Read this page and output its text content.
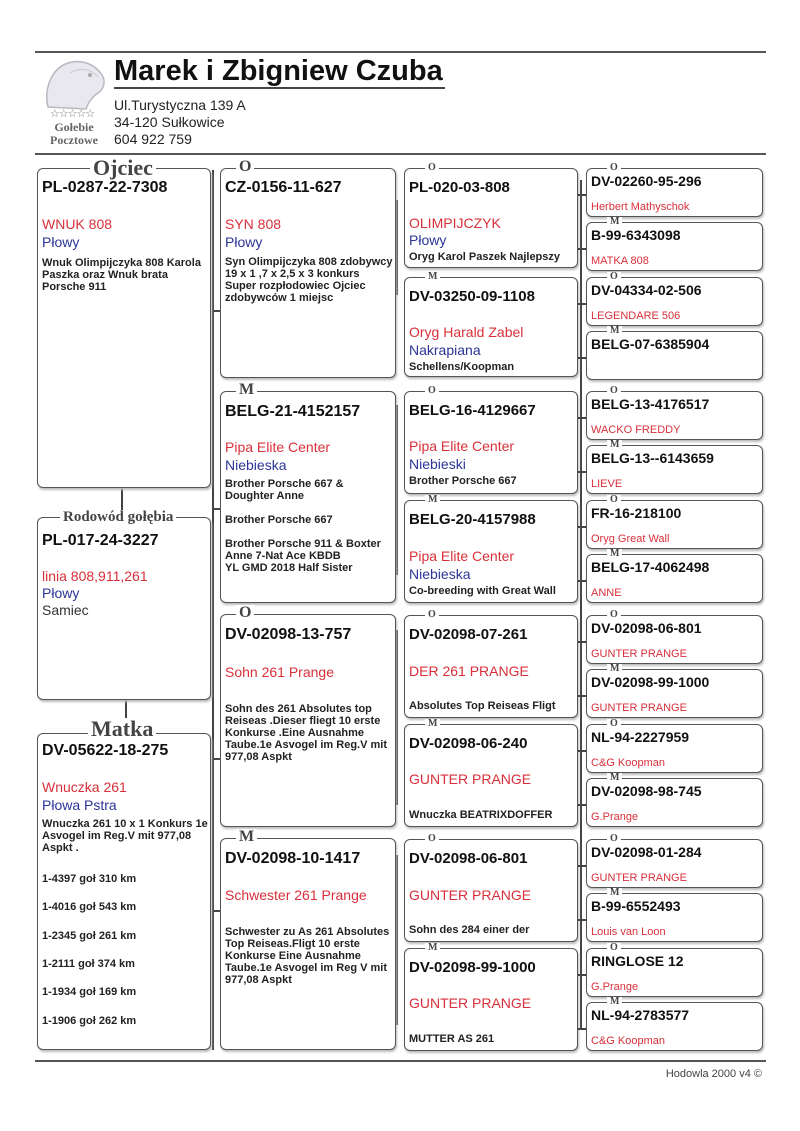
☆☆☆☆☆
Gołebie
Pocztowe
Marek i Zbigniew Czuba
Ul.Turystyczna 139 A
34-120 Sułkowice
604 922 759
PL-0287-22-7308
WNUK 808
Płowy
Wnuk Olimpijczyka 808 Karola Paszka oraz Wnuk brata Porsche 911
Ojciec
PL-017-24-3227
linia 808,911,261
Płowy
Samiec
Rodowód gołębia
DV-05622-18-275
Wnuczka 261
Płowa Pstra
Wnuczka 261 10 x 1 Konkurs 1e Asvogel im Reg.V mit 977,08 Aspkt .
1-4397 goł 310 km
1-4016 goł 543 km
1-2345 goł 261 km
1-2111 goł 374 km
1-1934 goł 169 km
1-1906 goł 262 km
Matka
CZ-0156-11-627
SYN 808
Płowy
Syn Olimpijczyka 808 zdobywcy 19 x 1 ,7 x 2,5 x 3 konkurs Super rozpłodowiec Ojciec zdobywców 1 miejsc
O
BELG-21-4152157
Pipa Elite Center
Niebieska
Brother Porsche 667 & Doughter Anne

Brother Porsche 667

Brother Porsche 911 & Boxter Anne 7-Nat Ace KBDB
YL GMD 2018 Half Sister
M
DV-02098-13-757
Sohn 261 Prange
Sohn des 261 Absolutes top Reiseas .Dieser fliegt 10 erste Konkurse .Eine Ausnahme Taube.1e Asvogel im Reg.V mit 977,08 Aspkt
O
DV-02098-10-1417
Schwester 261 Prange
Schwester zu As 261 Absolutes Top Reiseas.Fligt 10 erste Konkurse Eine Ausnahme Taube.1e Asvogel im Reg V mit 977,08 Aspkt
M
PL-020-03-808
OLIMPIJCZYK
Płowy
Oryg Karol Paszek Najlepszy
O
DV-03250-09-1108
Oryg Harald Zabel
Nakrapiana
Schellens/Koopman
M
BELG-16-4129667
Pipa Elite Center
Niebieski
Brother Porsche 667
O
BELG-20-4157988
Pipa Elite Center
Niebieska
Co-breeding with Great Wall
M
DV-02098-07-261
DER 261 PRANGE
Absolutes Top Reiseas Fligt
O
DV-02098-06-240
GUNTER PRANGE
Wnuczka BEATRIXDOFFER
M
DV-02098-06-801
GUNTER PRANGE
Sohn des 284 einer der
O
DV-02098-99-1000
GUNTER PRANGE
MUTTER AS 261
M
DV-02260-95-296
Herbert Mathyschok
O
B-99-6343098
MATKA 808
M
DV-04334-02-506
LEGENDARE 506
O
BELG-07-6385904
M
BELG-13-4176517
WACKO FREDDY
O
BELG-13--6143659
LIEVE
M
FR-16-218100
Oryg Great Wall
O
BELG-17-4062498
ANNE
M
DV-02098-06-801
GUNTER PRANGE
O
DV-02098-99-1000
GUNTER PRANGE
M
NL-94-2227959
C&G Koopman
O
DV-02098-98-745
G.Prange
M
DV-02098-01-284
GUNTER PRANGE
O
B-99-6552493
Louis van Loon
M
RINGLOSE 12
G.Prange
O
NL-94-2783577
C&G Koopman
M
Hodowla 2000 v4 ©
